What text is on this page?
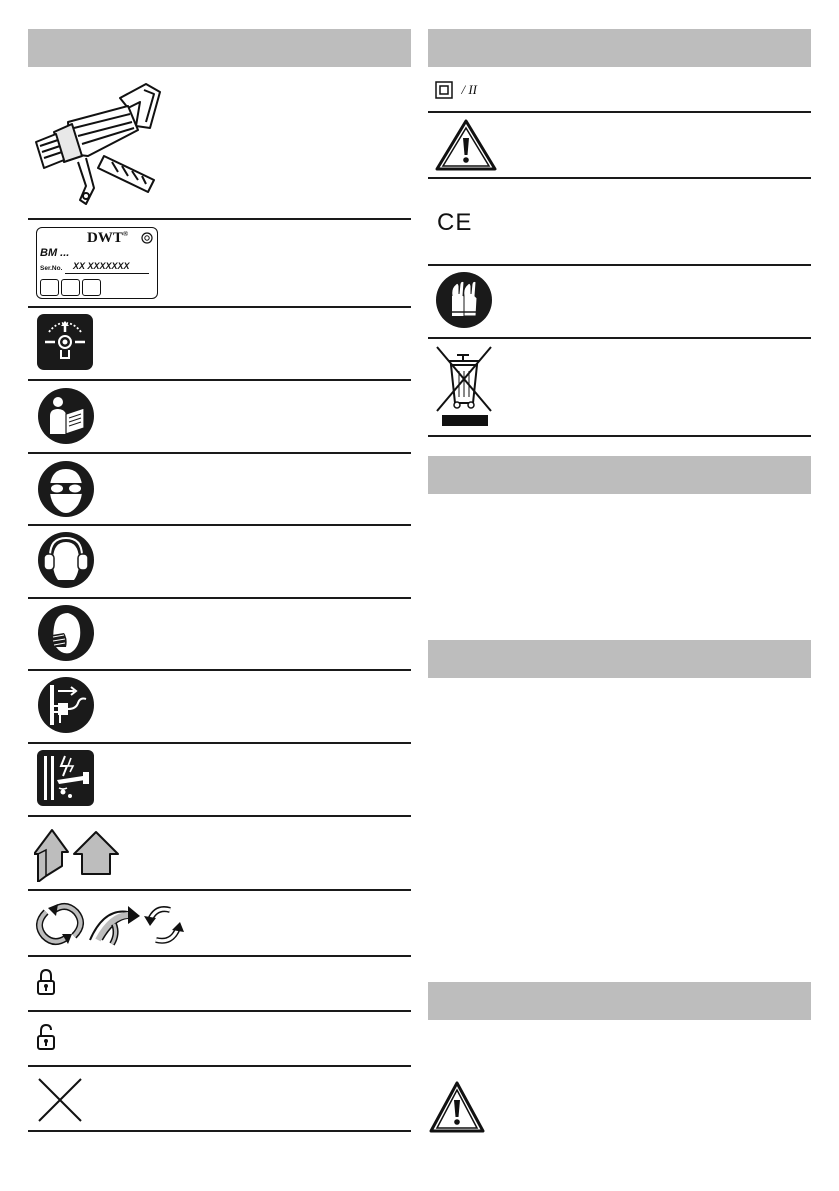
DWT®
BM ...
Ser.No. XX XXXXXXX
/ II
CE
